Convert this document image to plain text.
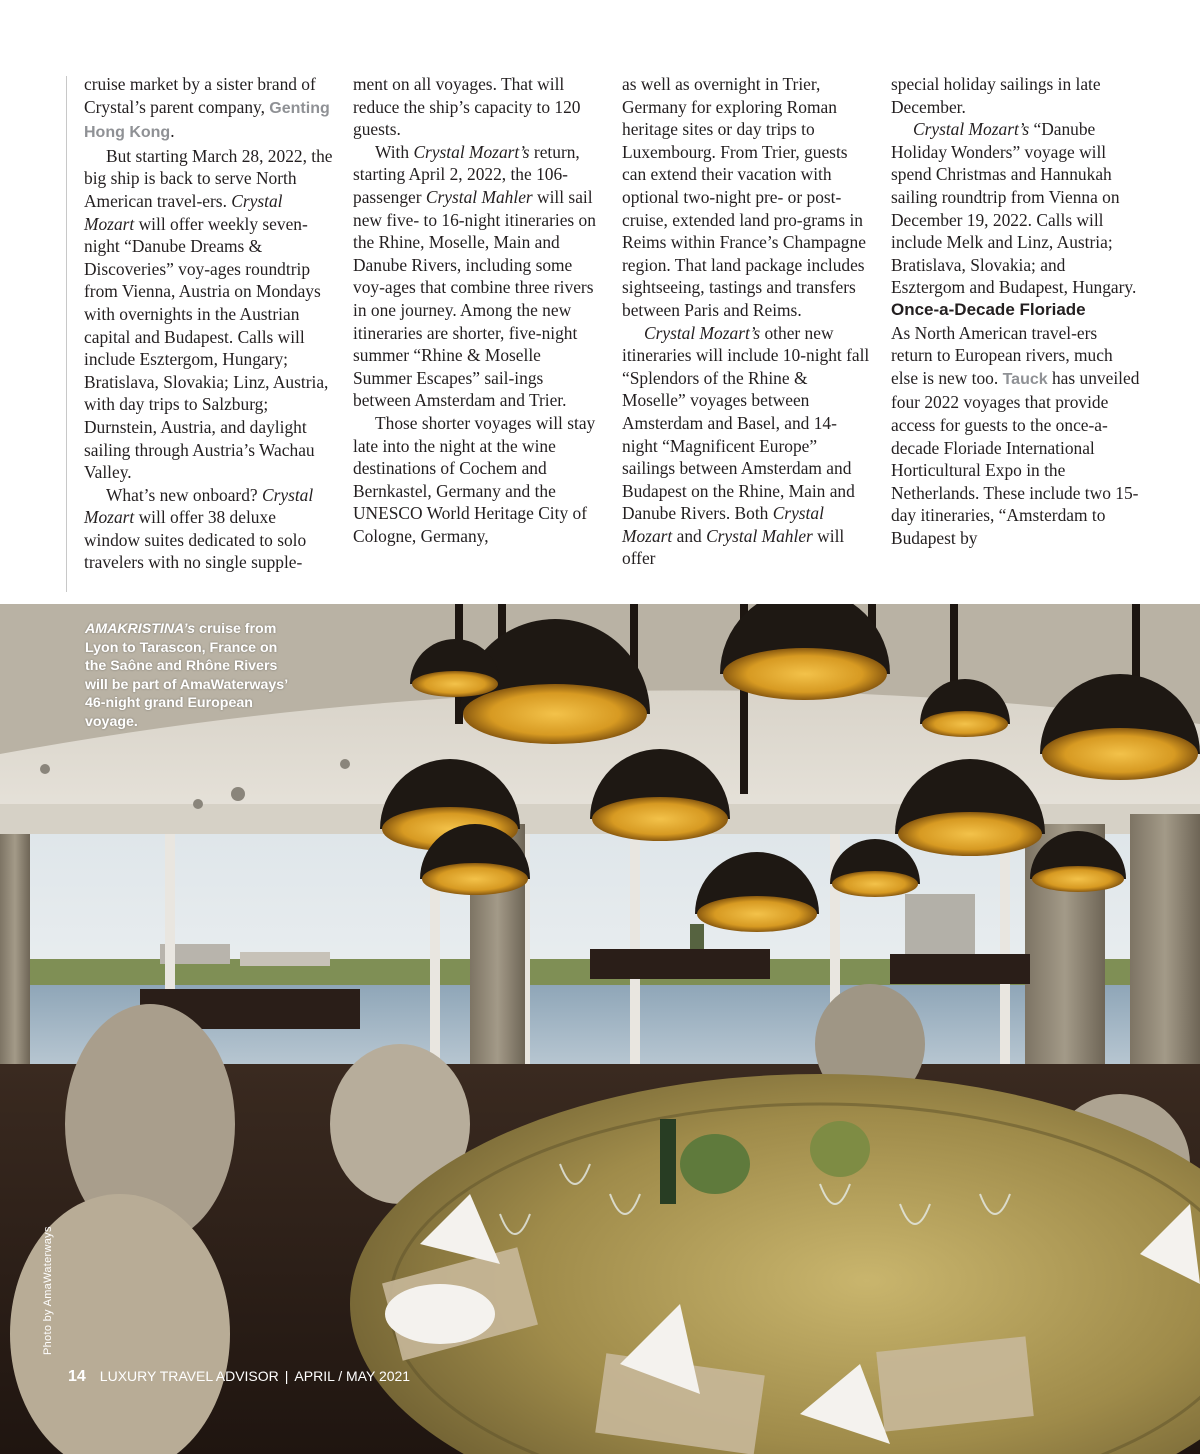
cruise market by a sister brand of Crystal’s parent company, Genting Hong Kong.

But starting March 28, 2022, the big ship is back to serve North American travel-ers. Crystal Mozart will offer weekly seven-night “Danube Dreams & Discoveries” voy-ages roundtrip from Vienna, Austria on Mondays with overnights in the Austrian capital and Budapest. Calls will include Esztergom, Hungary; Bratislava, Slovakia; Linz, Austria, with day trips to Salzburg; Durnstein, Austria, and daylight sailing through Austria’s Wachau Valley.

What’s new onboard? Crystal Mozart will offer 38 deluxe window suites dedicated to solo travelers with no single supple-

ment on all voyages. That will reduce the ship’s capacity to 120 guests.

With Crystal Mozart’s return, starting April 2, 2022, the 106-passenger Crystal Mahler will sail new five- to 16-night itineraries on the Rhine, Moselle, Main and Danube Rivers, including some voy-ages that combine three rivers in one journey. Among the new itineraries are shorter, five-night summer “Rhine & Moselle Summer Escapes” sail-ings between Amsterdam and Trier.

Those shorter voyages will stay late into the night at the wine destinations of Cochem and Bernkastel, Germany and the UNESCO World Heritage City of Cologne, Germany,

as well as overnight in Trier, Germany for exploring Roman heritage sites or day trips to Luxembourg. From Trier, guests can extend their vacation with optional two-night pre- or post-cruise, extended land pro-grams in Reims within France’s Champagne region. That land package includes sightseeing, tastings and transfers between Paris and Reims.

Crystal Mozart’s other new itineraries will include 10-night fall “Splendors of the Rhine & Moselle” voyages between Amsterdam and Basel, and 14-night “Magnificent Europe” sailings between Amsterdam and Budapest on the Rhine, Main and Danube Rivers. Both Crystal Mozart and Crystal Mahler will offer

special holiday sailings in late December.

Crystal Mozart’s “Danube Holiday Wonders” voyage will spend Christmas and Hannukah sailing roundtrip from Vienna on December 19, 2022. Calls will include Melk and Linz, Austria; Bratislava, Slovakia; and Esztergom and Budapest, Hungary.

Once-a-Decade Floriade

As North American travel-ers return to European rivers, much else is new too. Tauck has unveiled four 2022 voyages that provide access for guests to the once-a-decade Floriade International Horticultural Expo in the Netherlands. These include two 15-day itineraries, “Amsterdam to Budapest by

AMAKRISTINA’s cruise from Lyon to Tarascon, France on the Saône and Rhône Rivers will be part of AmaWaterways’ 46-night grand European voyage.
Photo by AmaWaterways
14 LUXURY TRAVEL ADVISOR | APRIL / MAY 2021
